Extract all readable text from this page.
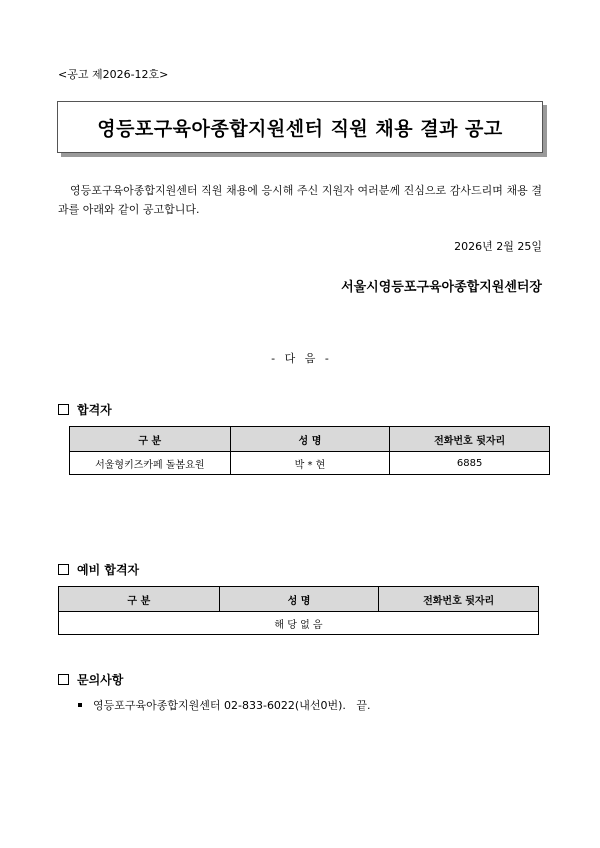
<공고 제2026-12호>
영등포구육아종합지원센터 직원 채용 결과 공고
영등포구육아종합지원센터 직원 채용에 응시해 주신 지원자 여러분께 진심으로 감사드리며 채용 결과를 아래와 같이 공고합니다.
2026년 2월 25일
서울시영등포구육아종합지원센터장
- 다 음 -
합격자
구 분	성 명	전화번호 뒷자리
서울형키즈카페 돌봄요원	박 * 현	6885
예비 합격자
구 분	성 명	전화번호 뒷자리
해 당 없 음
문의사항
영등포구육아종합지원센터 02-833-6022(내선0번).   끝.
